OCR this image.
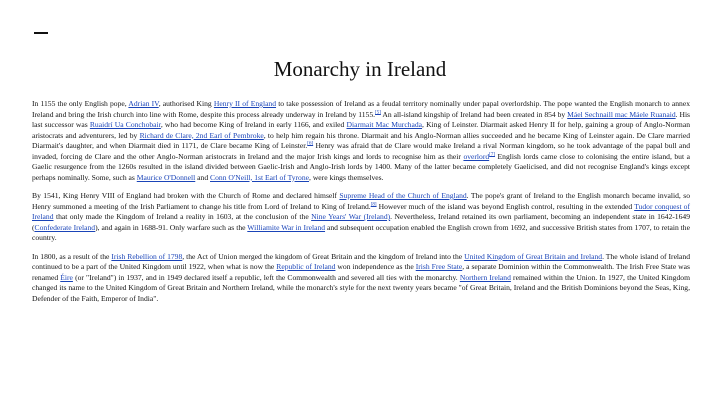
Monarchy in Ireland

In 1155 the only English pope, Adrian IV, authorised King Henry II of England to take possession of Ireland as a feudal territory nominally under papal overlordship. The pope wanted the English monarch to annex Ireland and bring the Irish church into line with Rome, despite this process already underway in Ireland by 1155.[5] An all-island kingship of Ireland had been created in 854 by Máel Sechnaill mac Máele Ruanaid. His last successor was Ruaidrí Ua Conchobair, who had become King of Ireland in early 1166, and exiled Diarmait Mac Murchada, King of Leinster. Diarmait asked Henry II for help, gaining a group of Anglo-Norman aristocrats and adventurers, led by Richard de Clare, 2nd Earl of Pembroke, to help him regain his throne. Diarmait and his Anglo-Norman allies succeeded and he became King of Leinster again. De Clare married Diarmait's daughter, and when Diarmait died in 1171, de Clare became King of Leinster.[6] Henry was afraid that de Clare would make Ireland a rival Norman kingdom, so he took advantage of the papal bull and invaded, forcing de Clare and the other Anglo-Norman aristocrats in Ireland and the major Irish kings and lords to recognise him as their overlord[7] English lords came close to colonising the entire island, but a Gaelic resurgence from the 1260s resulted in the island divided between Gaelic-Irish and Anglo-Irish lords by 1400. Many of the latter became completely Gaelicised, and did not recognise England's kings except perhaps nominally. Some, such as Maurice O'Donnell and Conn O'Neill, 1st Earl of Tyrone, were kings themselves.

By 1541, King Henry VIII of England had broken with the Church of Rome and declared himself Supreme Head of the Church of England. The pope's grant of Ireland to the English monarch became invalid, so Henry summoned a meeting of the Irish Parliament to change his title from Lord of Ireland to King of Ireland.[8] However much of the island was beyond English control, resulting in the extended Tudor conquest of Ireland that only made the Kingdom of Ireland a reality in 1603, at the conclusion of the Nine Years' War (Ireland). Nevertheless, Ireland retained its own parliament, becoming an independent state in 1642-1649 (Confederate Ireland), and again in 1688-91. Only warfare such as the Williamite War in Ireland and subsequent occupation enabled the English crown from 1692, and successive British states from 1707, to retain the country.

In 1800, as a result of the Irish Rebellion of 1798, the Act of Union merged the kingdom of Great Britain and the kingdom of Ireland into the United Kingdom of Great Britain and Ireland. The whole island of Ireland continued to be a part of the United Kingdom until 1922, when what is now the Republic of Ireland won independence as the Irish Free State, a separate Dominion within the Commonwealth. The Irish Free State was renamed Éire (or "Ireland") in 1937, and in 1949 declared itself a republic, left the Commonwealth and severed all ties with the monarchy. Northern Ireland remained within the Union. In 1927, the United Kingdom changed its name to the United Kingdom of Great Britain and Northern Ireland, while the monarch's style for the next twenty years became "of Great Britain, Ireland and the British Dominions beyond the Seas, King, Defender of the Faith, Emperor of India".
